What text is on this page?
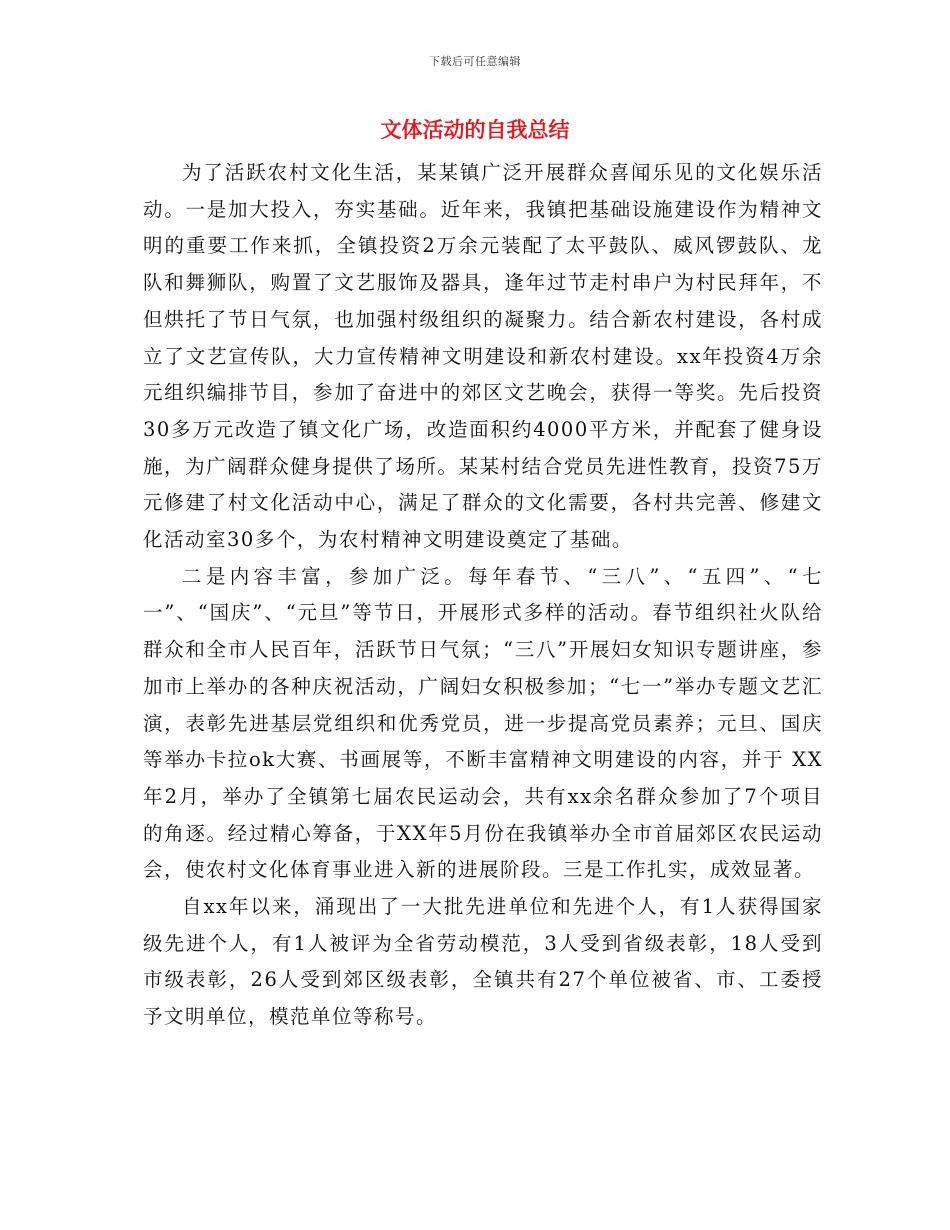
下载后可任意编辑
文体活动的自我总结

为了活跃农村文化生活，某某镇广泛开展群众喜闻乐见的文化娱乐活动。一是加大投入，夯实基础。近年来，我镇把基础设施建设作为精神文明的重要工作来抓，全镇投资2万余元装配了太平鼓队、威风锣鼓队、龙队和舞狮队，购置了文艺服饰及器具，逢年过节走村串户为村民拜年，不但烘托了节日气氛，也加强村级组织的凝聚力。结合新农村建设，各村成立了文艺宣传队，大力宣传精神文明建设和新农村建设。xx年投资4万余元组织编排节目，参加了奋进中的郊区文艺晚会，获得一等奖。先后投资30多万元改造了镇文化广场，改造面积约4000平方米，并配套了健身设施，为广阔群众健身提供了场所。某某村结合党员先进性教育，投资75万元修建了村文化活动中心，满足了群众的文化需要，各村共完善、修建文化活动室30多个，为农村精神文明建设奠定了基础。

二是内容丰富，参加广泛。每年春节、“三八”、“五四”、“七一”、“国庆”、“元旦”等节日，开展形式多样的活动。春节组织社火队给群众和全市人民百年，活跃节日气氛；“三八”开展妇女知识专题讲座，参加市上举办的各种庆祝活动，广阔妇女积极参加；“七一”举办专题文艺汇演，表彰先进基层党组织和优秀党员，进一步提高党员素养；元旦、国庆等举办卡拉ok大赛、书画展等，不断丰富精神文明建设的内容，并于 XX年2月，举办了全镇第七届农民运动会，共有xx余名群众参加了7个项目的角逐。经过精心筹备，于XX年5月份在我镇举办全市首届郊区农民运动会，使农村文化体育事业进入新的进展阶段。三是工作扎实，成效显著。

自xx年以来，涌现出了一大批先进单位和先进个人，有1人获得国家级先进个人，有1人被评为全省劳动模范，3人受到省级表彰，18人受到市级表彰，26人受到郊区级表彰，全镇共有27个单位被省、市、工委授予文明单位，模范单位等称号。
